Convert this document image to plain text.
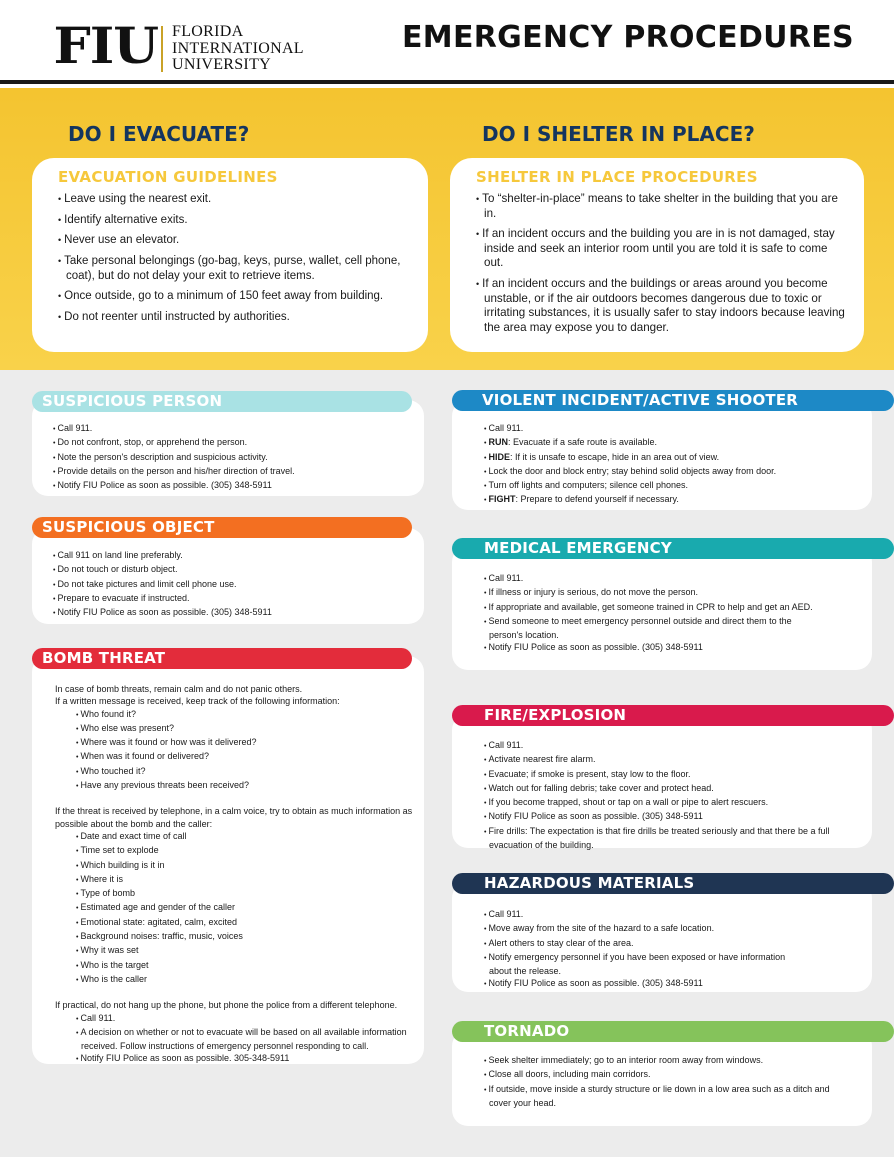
FIU FLORIDA
INTERNATIONAL
UNIVERSITY
EMERGENCY PROCEDURES
DO I EVACUATE?	DO I SHELTER IN PLACE?
EVACUATION GUIDELINES
• Leave using the nearest exit.
• Identify alternative exits.
• Never use an elevator.
• Take personal belongings (go-bag, keys, purse, wallet, cell phone, coat), but do not delay your exit to retrieve items.
• Once outside, go to a minimum of 150 feet away from building.
• Do not reenter until instructed by authorities.
SHELTER IN PLACE PROCEDURES
• To “shelter-in-place” means to take shelter in the building that you are in.
• If an incident occurs and the building you are in is not damaged, stay inside and seek an interior room until you are told it is safe to come out.
• If an incident occurs and the buildings or areas around you become unstable, or if the air outdoors becomes dangerous due to toxic or irritating substances, it is usually safer to stay indoors because leaving the area may expose you to danger.
SUSPICIOUS PERSON
• Call 911.
• Do not confront, stop, or apprehend the person.
• Note the person's description and suspicious activity.
• Provide details on the person and his/her direction of travel.
• Notify FIU Police as soon as possible. (305) 348-5911
SUSPICIOUS OBJECT
• Call 911 on land line preferably.
• Do not touch or disturb object.
• Do not take pictures and limit cell phone use.
• Prepare to evacuate if instructed.
• Notify FIU Police as soon as possible. (305) 348-5911
BOMB THREAT

In case of bomb threats, remain calm and do not panic others.

If a written message is received, keep track of the following information:

• Who found it?
• Who else was present?
• Where was it found or how was it delivered?
• When was it found or delivered?
• Who touched it?
• Have any previous threats been received?

If the threat is received by telephone, in a calm voice, try to obtain as much information as possible about the bomb and the caller:

• Date and exact time of call
• Time set to explode
• Which building is it in
• Where it is
• Type of bomb
• Estimated age and gender of the caller
• Emotional state: agitated, calm, excited
• Background noises: traffic, music, voices
• Why it was set
• Who is the target
• Who is the caller

If practical, do not hang up the phone, but phone the police from a different telephone.

• Call 911.
• A decision on whether or not to evacuate will be based on all available information received. Follow instructions of emergency personnel responding to call.
• Notify FIU Police as soon as possible. 305-348-5911
VIOLENT INCIDENT/ACTIVE SHOOTER
• Call 911.
• RUN: Evacuate if a safe route is available.
• HIDE: If it is unsafe to escape, hide in an area out of view.
• Lock the door and block entry; stay behind solid objects away from door.
• Turn off lights and computers; silence cell phones.
• FIGHT: Prepare to defend yourself if necessary.
MEDICAL EMERGENCY
• Call 911.
• If illness or injury is serious, do not move the person.
• If appropriate and available, get someone trained in CPR to help and get an AED.
• Send someone to meet emergency personnel outside and direct them to the person's location.
• Notify FIU Police as soon as possible. (305) 348-5911
FIRE/EXPLOSION
• Call 911.
• Activate nearest fire alarm.
• Evacuate; if smoke is present, stay low to the floor.
• Watch out for falling debris; take cover and protect head.
• If you become trapped, shout or tap on a wall or pipe to alert rescuers.
• Notify FIU Police as soon as possible. (305) 348-5911
• Fire drills: The expectation is that fire drills be treated seriously and that there be a full evacuation of the building.
HAZARDOUS MATERIALS
• Call 911.
• Move away from the site of the hazard to a safe location.
• Alert others to stay clear of the area.
• Notify emergency personnel if you have been exposed or have information about the release.
• Notify FIU Police as soon as possible. (305) 348-5911
TORNADO
• Seek shelter immediately; go to an interior room away from windows.
• Close all doors, including main corridors.
• If outside, move inside a sturdy structure or lie down in a low area such as a ditch and cover your head.
